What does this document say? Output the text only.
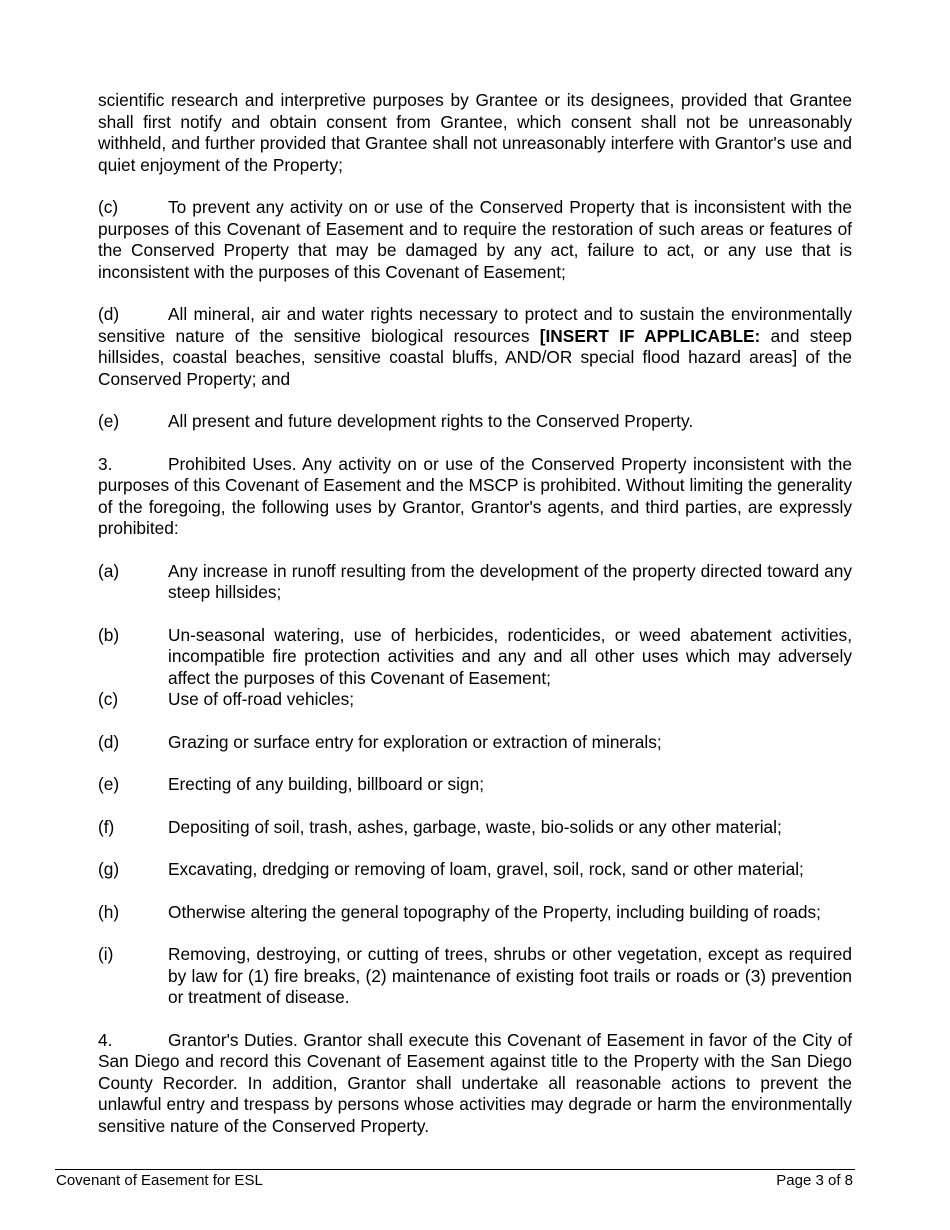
scientific research and interpretive purposes by Grantee or its designees, provided that Grantee shall first notify and obtain consent from Grantee, which consent shall not be unreasonably withheld, and further provided that Grantee shall not unreasonably interfere with Grantor's use and quiet enjoyment of the Property;

(c)	To prevent any activity on or use of the Conserved Property that is inconsistent with the purposes of this Covenant of Easement and to require the restoration of such areas or features of the Conserved Property that may be damaged by any act, failure to act, or any use that is inconsistent with the purposes of this Covenant of Easement;

(d)	All mineral, air and water rights necessary to protect and to sustain the environmentally sensitive nature of the sensitive biological resources [INSERT IF APPLICABLE: and steep hillsides, coastal beaches, sensitive coastal bluffs, AND/OR special flood hazard areas] of the Conserved Property; and

(e)	All present and future development rights to the Conserved Property.

3.	Prohibited Uses. Any activity on or use of the Conserved Property inconsistent with the purposes of this Covenant of Easement and the MSCP is prohibited. Without limiting the generality of the foregoing, the following uses by Grantor, Grantor's agents, and third parties, are expressly prohibited:

(a)	Any increase in runoff resulting from the development of the property directed toward any steep hillsides;
(b)	Un-seasonal watering, use of herbicides, rodenticides, or weed abatement activities, incompatible fire protection activities and any and all other uses which may adversely affect the purposes of this Covenant of Easement;
(c)	Use of off-road vehicles;
(d)	Grazing or surface entry for exploration or extraction of minerals;
(e)	Erecting of any building, billboard or sign;
(f)	Depositing of soil, trash, ashes, garbage, waste, bio-solids or any other material;
(g)	Excavating, dredging or removing of loam, gravel, soil, rock, sand or other material;
(h)	Otherwise altering the general topography of the Property, including building of roads;
(i)	Removing, destroying, or cutting of trees, shrubs or other vegetation, except as required by law for (1) fire breaks, (2) maintenance of existing foot trails or roads or (3) prevention or treatment of disease.

4.	Grantor's Duties. Grantor shall execute this Covenant of Easement in favor of the City of San Diego and record this Covenant of Easement against title to the Property with the San Diego County Recorder. In addition, Grantor shall undertake all reasonable actions to prevent the unlawful entry and trespass by persons whose activities may degrade or harm the environmentally sensitive nature of the Conserved Property.

Covenant of Easement for ESL	Page 3 of 8
